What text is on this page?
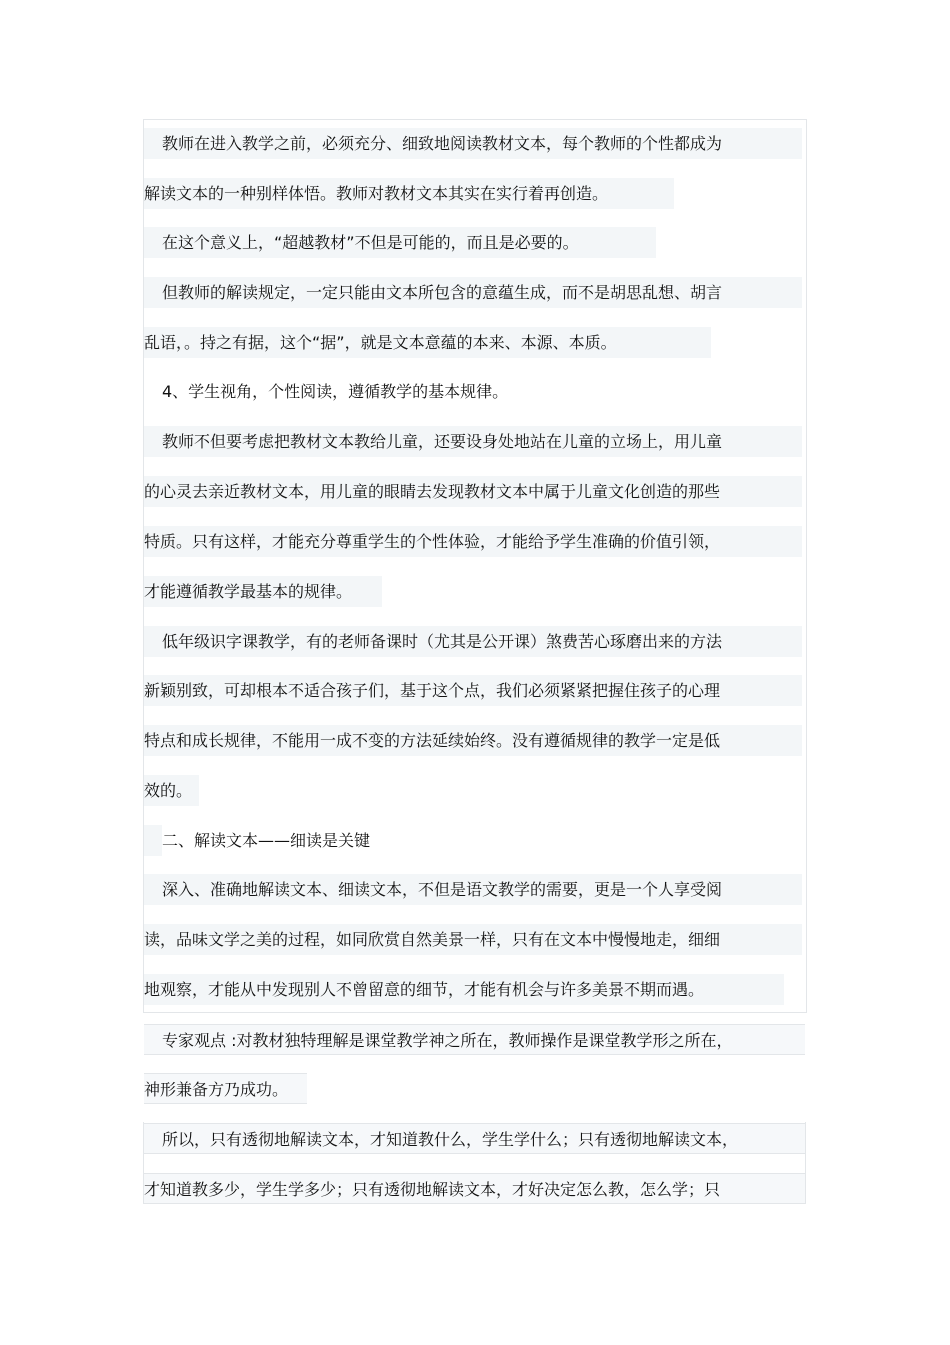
教师在进入教学之前，必须充分、细致地阅读教材文本，每个教师的个性都成为
解读文本的一种别样体悟。教师对教材文本其实在实行着再创造。
在这个意义上，“超越教材”不但是可能的，而且是必要的。
但教师的解读规定，一定只能由文本所包含的意蕴生成，而不是胡思乱想、胡言
乱语，。持之有据，这个“据”，就是文本意蕴的本来、本源、本质。
4、学生视角，个性阅读，遵循教学的基本规律。
教师不但要考虑把教材文本教给儿童，还要设身处地站在儿童的立场上，用儿童
的心灵去亲近教材文本，用儿童的眼睛去发现教材文本中属于儿童文化创造的那些
特质。只有这样，才能充分尊重学生的个性体验，才能给予学生准确的价值引领，
才能遵循教学最基本的规律。
低年级识字课教学，有的老师备课时（尤其是公开课）煞费苦心琢磨出来的方法
新颖别致，可却根本不适合孩子们，基于这个点，我们必须紧紧把握住孩子的心理
特点和成长规律，不能用一成不变的方法延续始终。没有遵循规律的教学一定是低
效的。
二、解读文本——细读是关键
深入、准确地解读文本、细读文本，不但是语文教学的需要，更是一个人享受阅
读，品味文学之美的过程，如同欣赏自然美景一样，只有在文本中慢慢地走，细细
地观察，才能从中发现别人不曾留意的细节，才能有机会与许多美景不期而遇。
专家观点 :对教材独特理解是课堂教学神之所在，教师操作是课堂教学形之所在，
神形兼备方乃成功。
所以，只有透彻地解读文本，才知道教什么，学生学什么；只有透彻地解读文本，
才知道教多少，学生学多少；只有透彻地解读文本，才好决定怎么教，怎么学；只
